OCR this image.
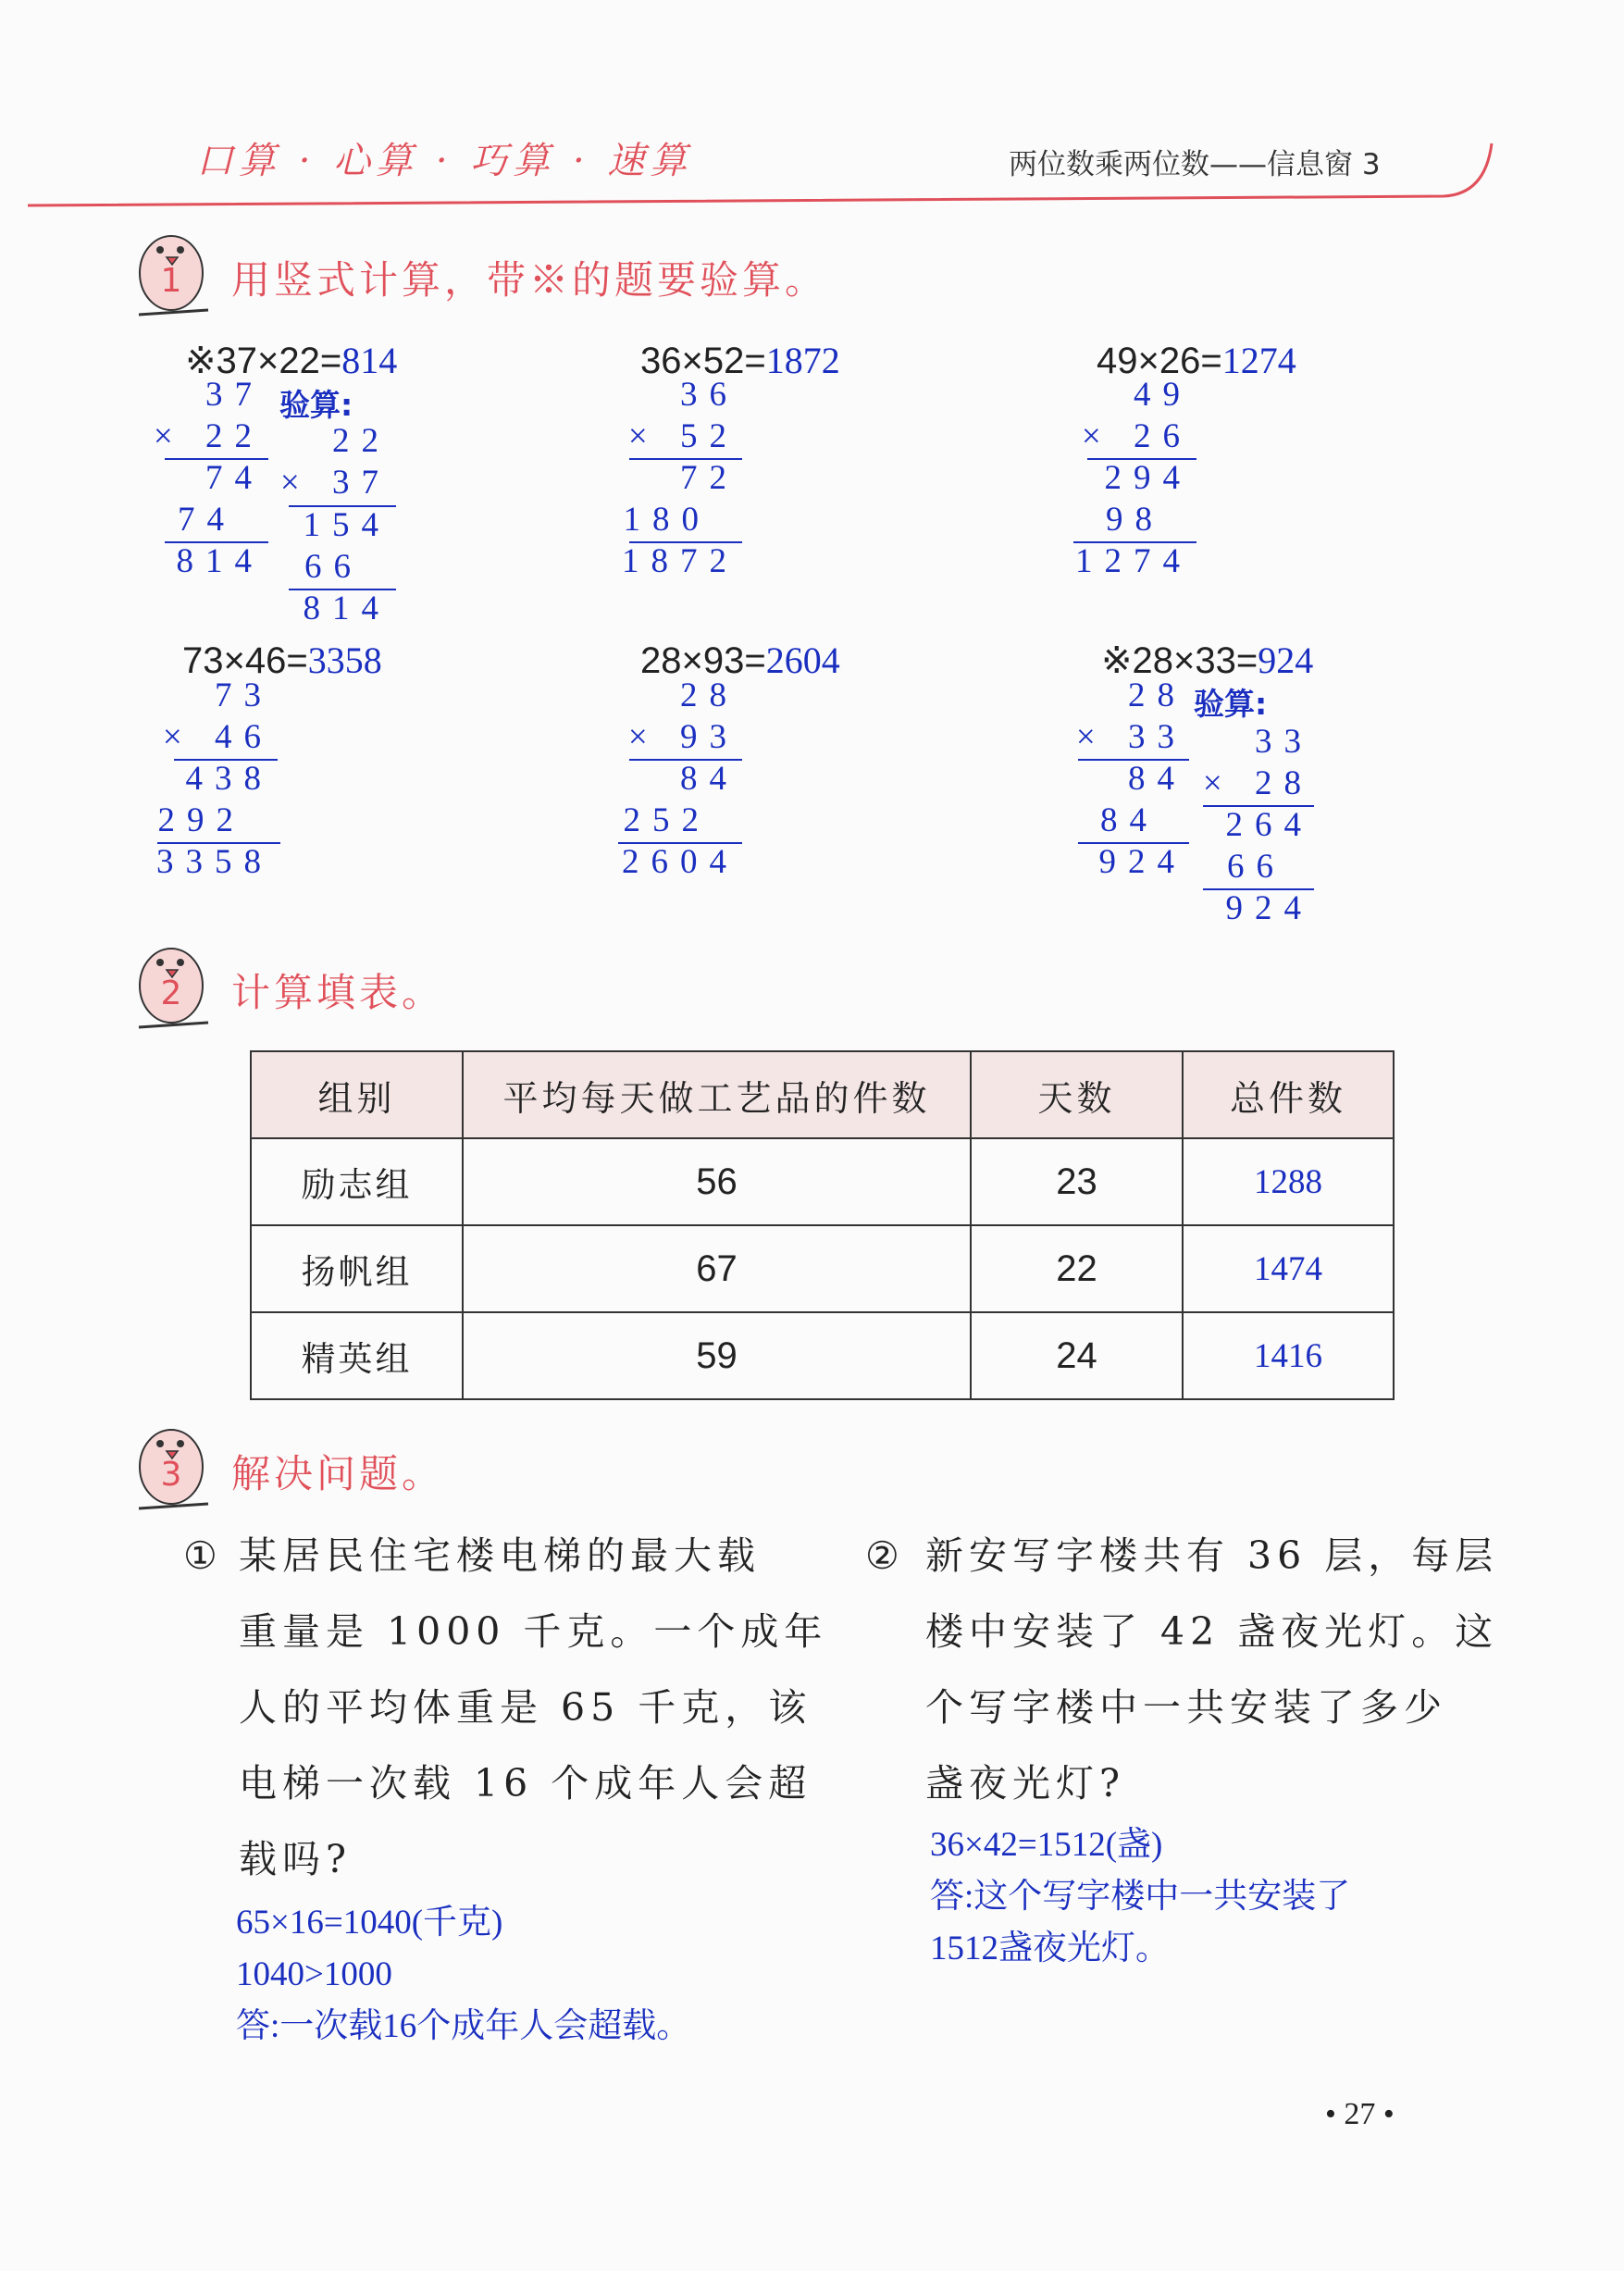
口算 · 心算 · 巧算 · 速算	两位数乘两位数——信息窗 3
1 用竖式计算，带※的题要验算。
※37×22=814
37
× 22
74
74
814
验算:
22
× 37
154
66
814
36×52=1872
36
× 52
72
180
1872
49×26=1274
49
× 26
294
98
1274
73×46=3358
73
× 46
438
292
3358
28×93=2604
28
× 93
84
252
2604
※28×33=924
28
× 33
84
84
924
验算:
33
× 28
264
66
924
2 计算填表。
组别	平均每天做工艺品的件数	天数	总件数
励志组	56	23	1288
扬帆组	67	22	1474
精英组	59	24	1416
3 解决问题。
① 某居民住宅楼电梯的最大载
重量是 1000 千克。一个成年
人的平均体重是 65 千克，该
电梯一次载 16 个成年人会超
载吗?
65×16=1040(千克)
1040>1000
答:一次载16个成年人会超载。
② 新安写字楼共有 36 层，每层
楼中安装了 42 盏夜光灯。这
个写字楼中一共安装了多少
盏夜光灯?
36×42=1512(盏)
答:这个写字楼中一共安装了
1512盏夜光灯。
• 27 •
